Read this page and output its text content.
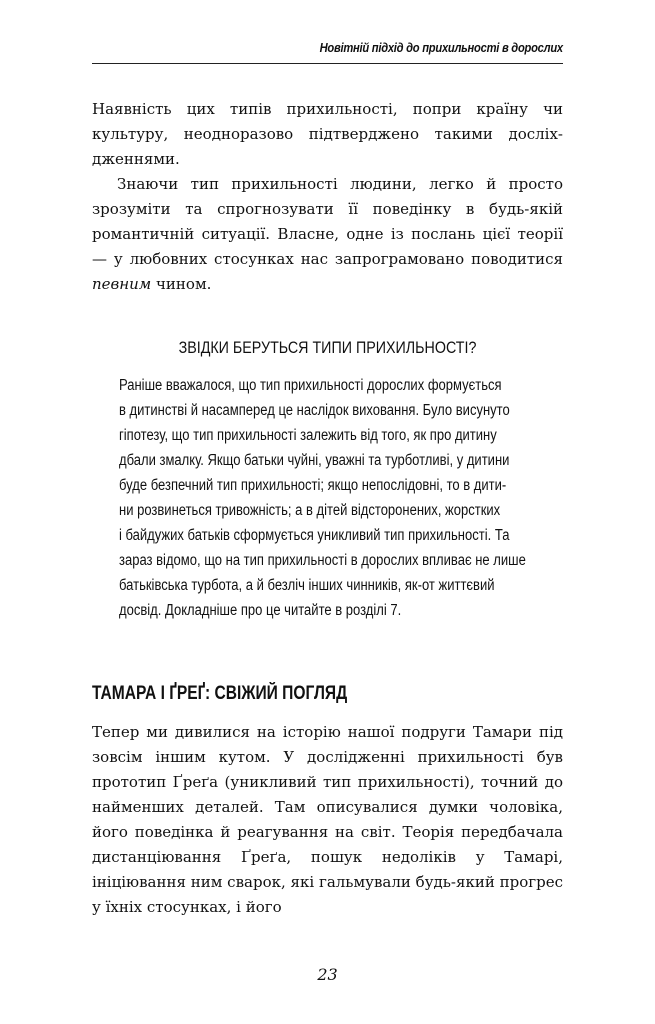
Новітній підхід до прихильності в дорослих

Наявність цих типів прихильності, попри країну чи культуру, неодноразово підтверджено такими досліх-дженнями.

Знаючи тип прихильності людини, легко й просто зрозуміти та спрогнозувати її поведінку в будь-якій романтичній ситуації. Власне, одне із послань цієї теорії — у любовних стосунках нас запрограмовано поводитися певним чином.

ЗВІДКИ БЕРУТЬСЯ ТИПИ ПРИХИЛЬНОСТІ?
Раніше вважалося, що тип прихильності дорослих формується
в дитинстві й насамперед це наслідок виховання. Було висунуто
гіпотезу, що тип прихильності залежить від того, як про дитину
дбали змалку. Якщо батьки чуйні, уважні та турботливі, у дитини
буде безпечний тип прихильності; якщо непослідовні, то в дити-
ни розвинеться тривожність; а в дітей відсторонених, жорстких
і байдужих батьків сформується уникливий тип прихильності. Та
зараз відомо, що на тип прихильності в дорослих впливає не лише
батьківська турбота, а й безліч інших чинників, як-от життєвий
досвід. Докладніше про це читайте в розділі 7.
ТАМАРА І ҐРЕҐ: СВІЖИЙ ПОГЛЯД

Тепер ми дивилися на історію нашої подруги Тамари під зовсім іншим кутом. У дослідженні прихильності був прототип Ґреґа (уникливий тип прихильності), точний до найменших деталей. Там описувалися думки чоловіка, його поведінка й реагування на світ. Теорія передбачала дистанціювання Ґреґа, пошук недоліків у Тамарі, ініціювання ним сварок, які гальмували будь-який прогрес у їхніх стосунках, і його

23
